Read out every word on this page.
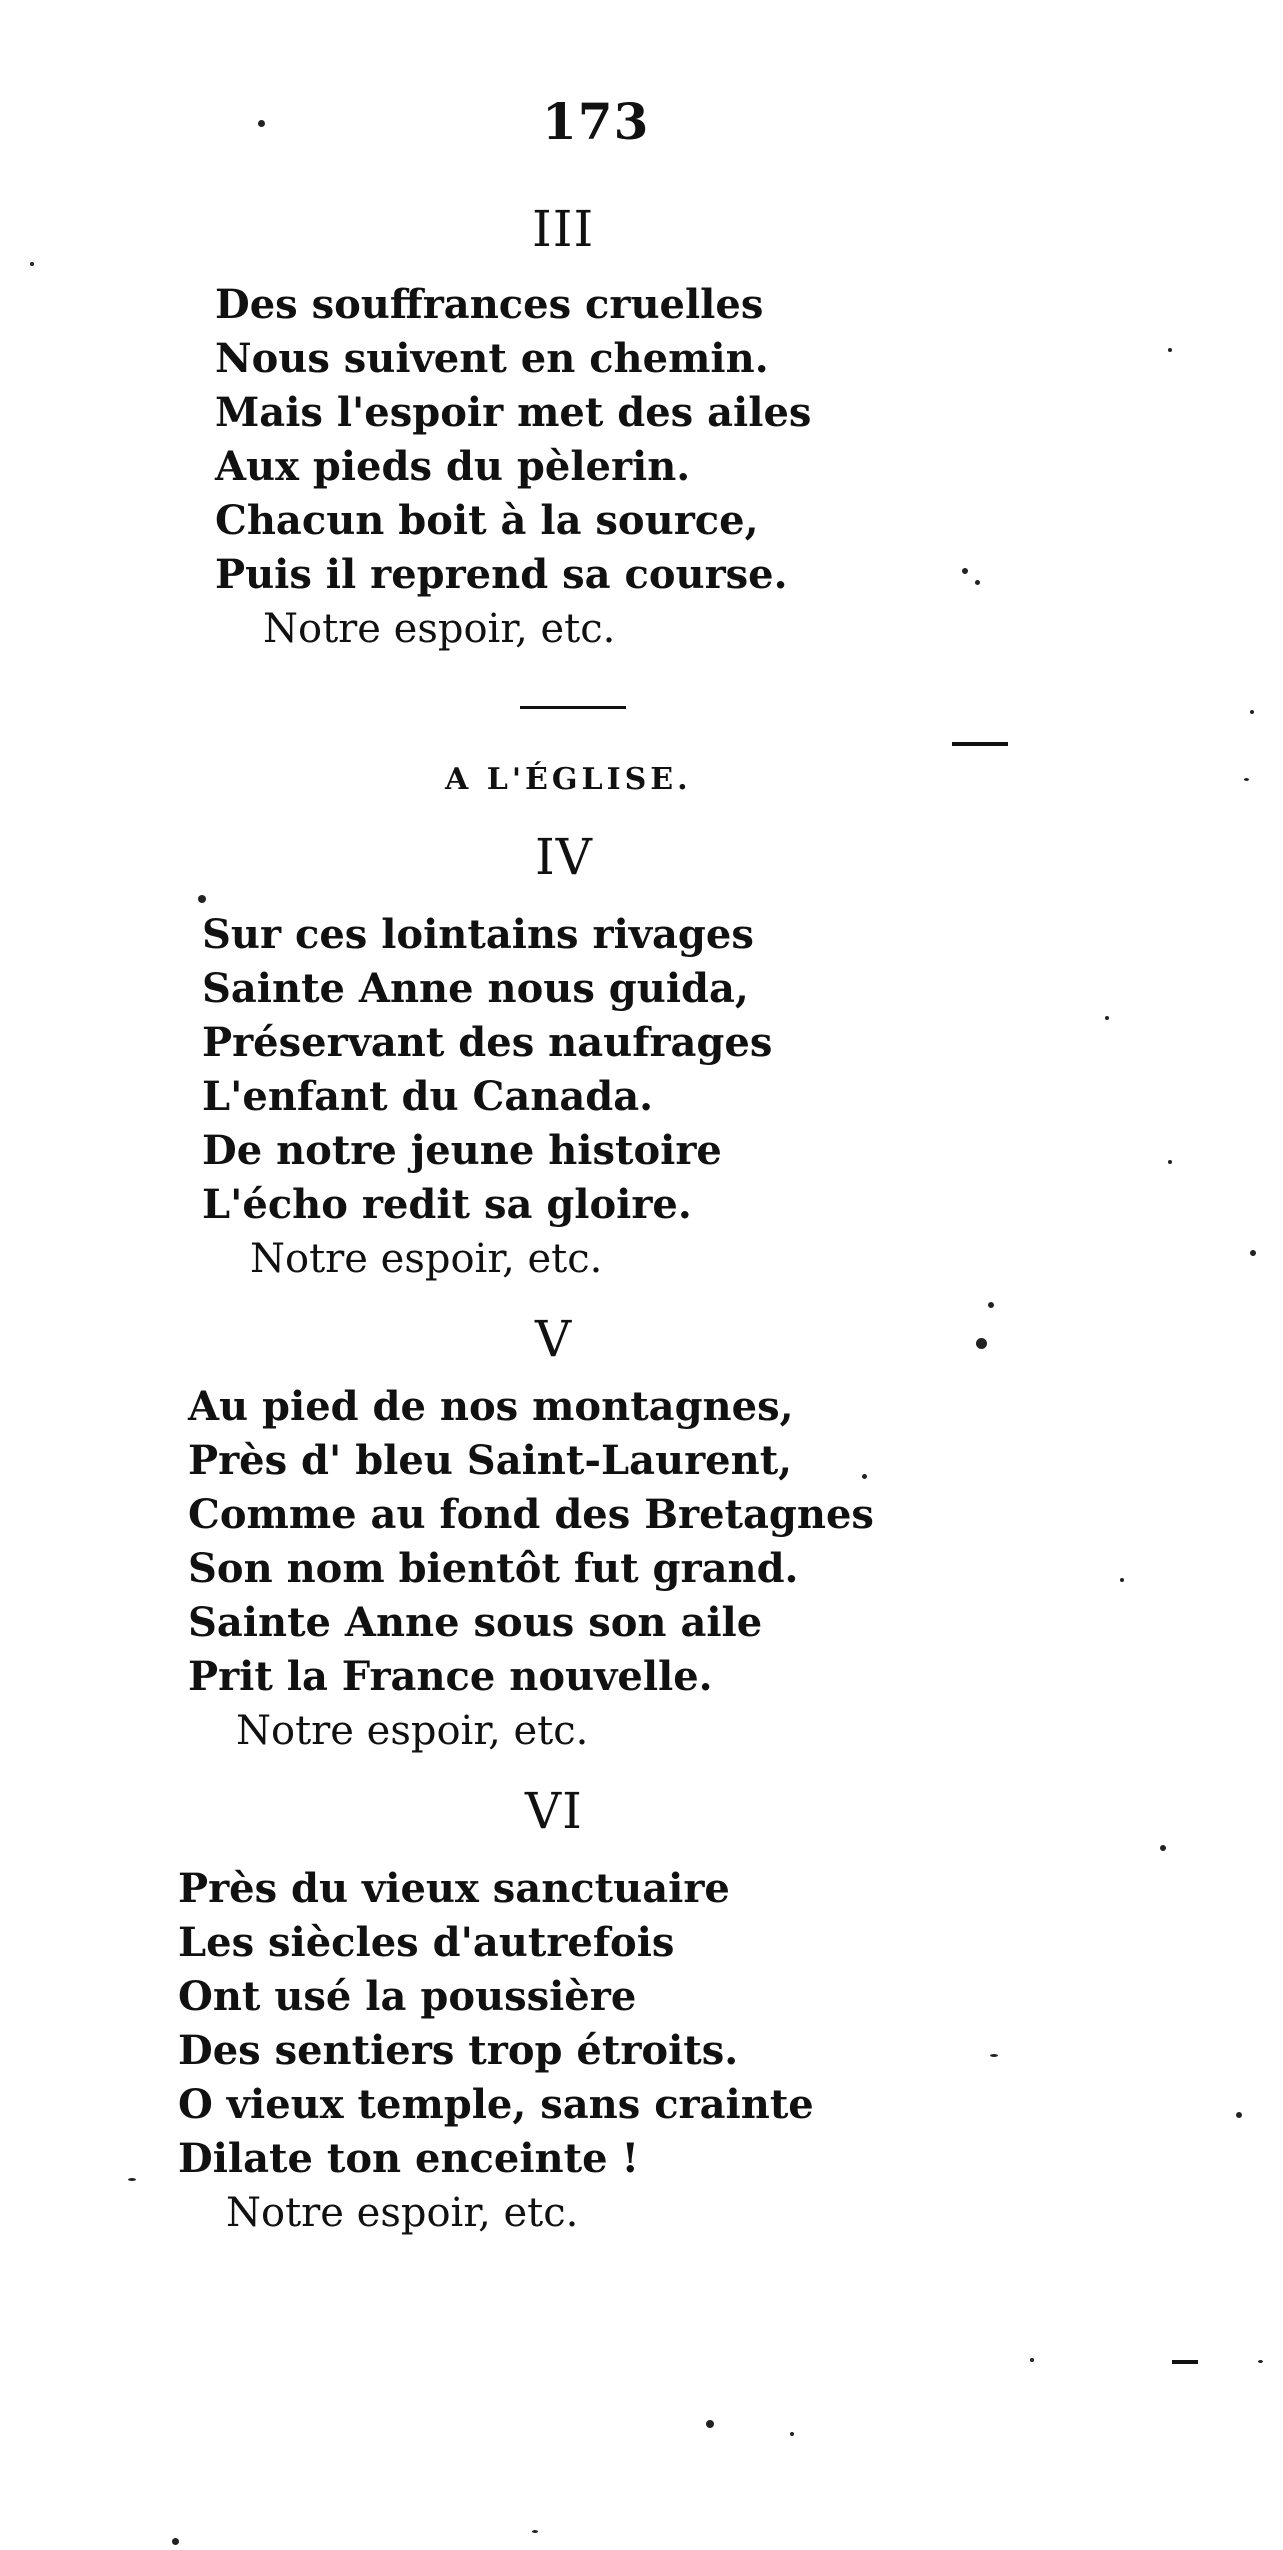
173
III
Des souffrances cruelles
Nous suivent en chemin.
Mais l'espoir met des ailes
Aux pieds du pèlerin.
Chacun boit à la source,
Puis il reprend sa course.
Notre espoir, etc.
A L'ÉGLISE.
IV
Sur ces lointains rivages
Sainte Anne nous guida,
Préservant des naufrages
L'enfant du Canada.
De notre jeune histoire
L'écho redit sa gloire.
Notre espoir, etc.
V
Au pied de nos montagnes,
Près d' bleu Saint-Laurent,
Comme au fond des Bretagnes
Son nom bientôt fut grand.
Sainte Anne sous son aile
Prit la France nouvelle.
Notre espoir, etc.
VI
Près du vieux sanctuaire
Les siècles d'autrefois
Ont usé la poussière
Des sentiers trop étroits.
O vieux temple, sans crainte
Dilate ton enceinte !
Notre espoir, etc.
